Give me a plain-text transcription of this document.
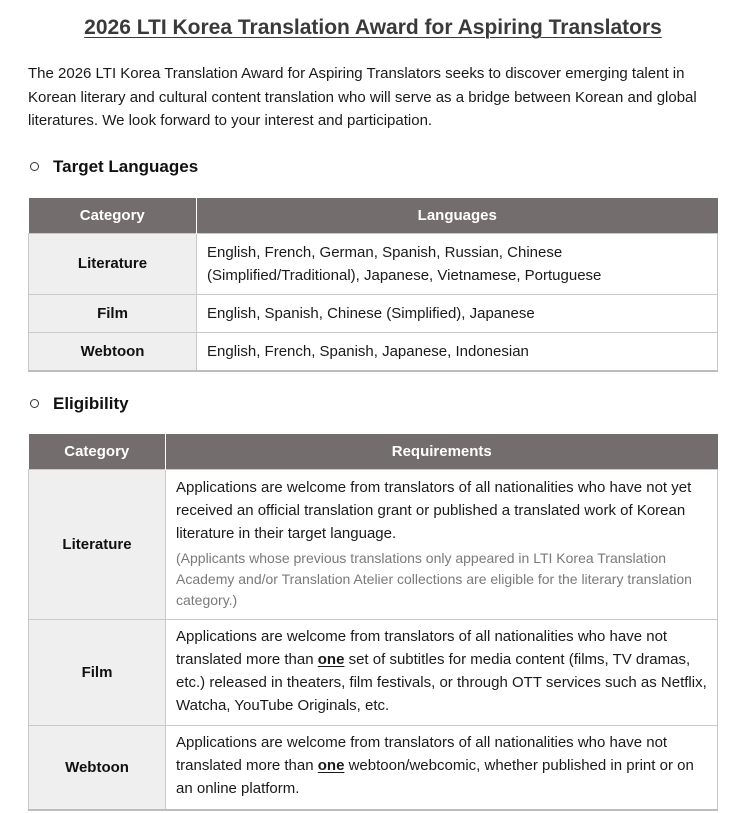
2026 LTI Korea Translation Award for Aspiring Translators

The 2026 LTI Korea Translation Award for Aspiring Translators seeks to discover emerging talent in Korean literary and cultural content translation who will serve as a bridge between Korean and global literatures. We look forward to your interest and participation.

Target Languages
Category	Languages
Literature	English, French, German, Spanish, Russian, Chinese (Simplified/Traditional), Japanese, Vietnamese, Portuguese
Film	English, Spanish, Chinese (Simplified), Japanese
Webtoon	English, French, Spanish, Japanese, Indonesian
Eligibility
Category	Requirements
Literature	Applications are welcome from translators of all nationalities who have not yet received an official translation grant or published a translated work of Korean literature in their target language.
(Applicants whose previous translations only appeared in LTI Korea Translation Academy and/or Translation Atelier collections are eligible for the literary translation category.)

Film	Applications are welcome from translators of all nationalities who have not translated more than one set of subtitles for media content (films, TV dramas, etc.) released in theaters, film festivals, or through OTT services such as Netflix, Watcha, YouTube Originals, etc.
Webtoon	Applications are welcome from translators of all nationalities who have not translated more than one webtoon/webcomic, whether published in print or on an online platform.
